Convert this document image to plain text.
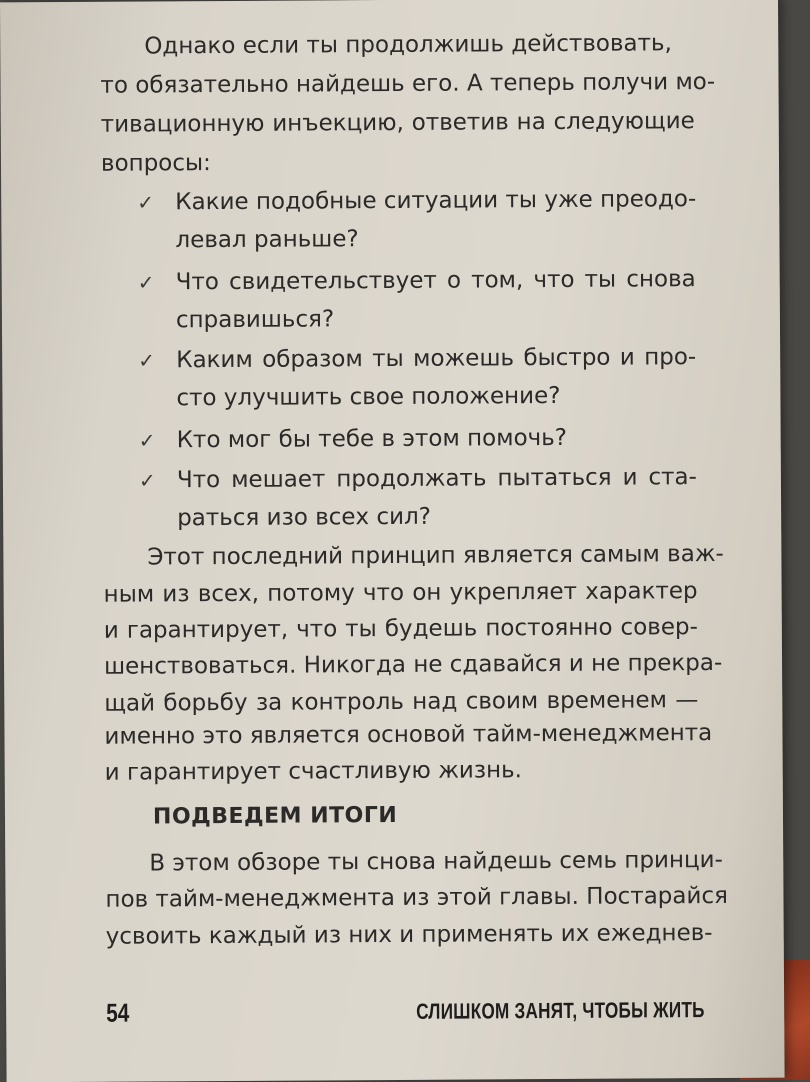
Однако если ты продолжишь действовать,
то обязательно найдешь его. А теперь получи мо-
тивационную инъекцию, ответив на следующие
вопросы:
✓ Какие подобные ситуации ты уже преодо-
левал раньше?
✓ Что свидетельствует о том, что ты снова
справишься?
✓ Каким образом ты можешь быстро и про-
сто улучшить свое положение?
✓ Кто мог бы тебе в этом помочь?
✓ Что мешает продолжать пытаться и ста-
раться изо всех сил?
Этот последний принцип является самым важ-
ным из всех, потому что он укрепляет характер
и гарантирует, что ты будешь постоянно совер-
шенствоваться. Никогда не сдавайся и не прекра-
щай борьбу за контроль над своим временем —
именно это является основой тайм-менеджмента
и гарантирует счастливую жизнь.
ПОДВЕДЕМ ИТОГИ
В этом обзоре ты снова найдешь семь принци-
пов тайм-менеджмента из этой главы. Постарайся
усвоить каждый из них и применять их ежеднев-
54	СЛИШКОМ ЗАНЯТ, ЧТОБЫ ЖИТЬ
